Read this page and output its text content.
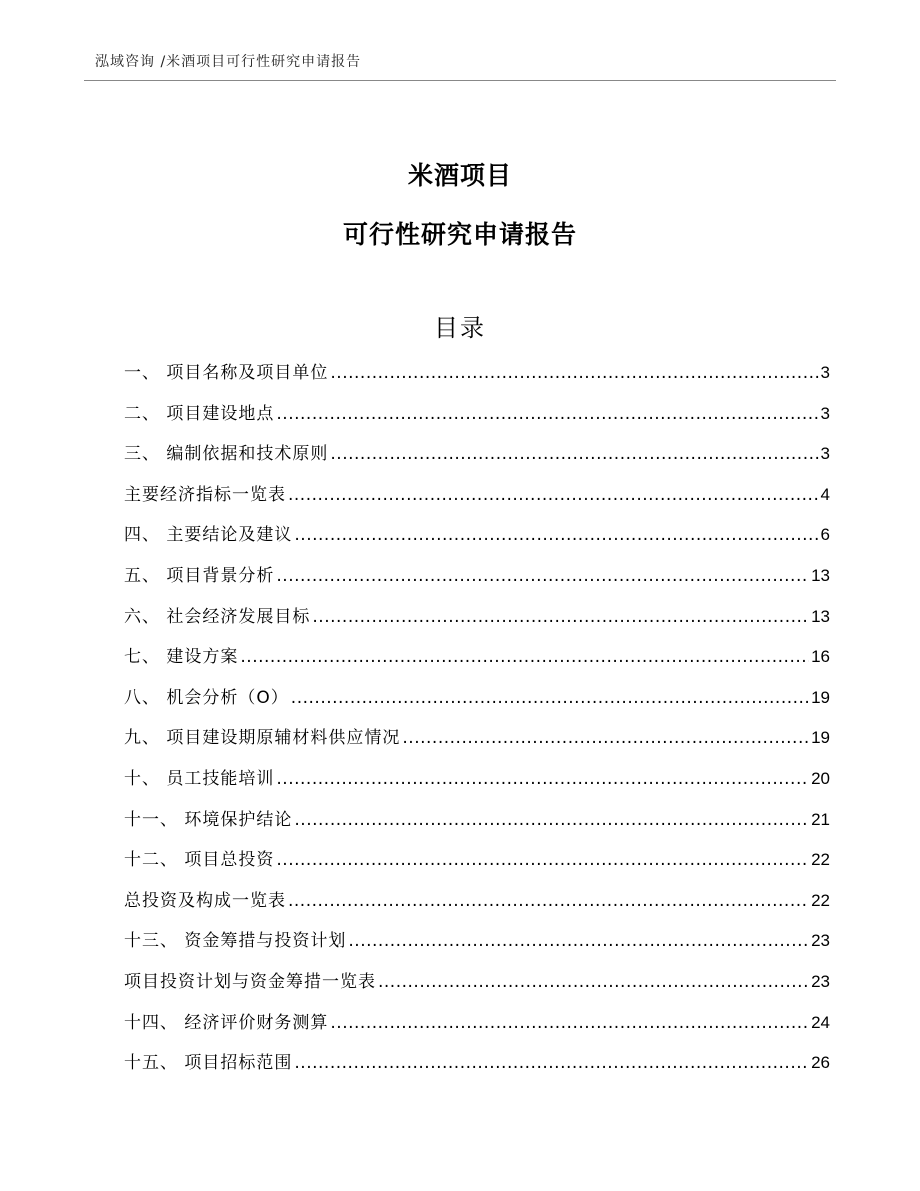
泓域咨询 /米酒项目可行性研究申请报告
米酒项目
可行性研究申请报告
目录
一、 项目名称及项目单位 .....	3
二、 项目建设地点 .....	3
三、 编制依据和技术原则 .....	3
主要经济指标一览表 .....	4
四、 主要结论及建议 .....	6
五、 项目背景分析 .....	13
六、 社会经济发展目标 .....	13
七、 建设方案 .....	16
八、 机会分析（O） .....	19
九、 项目建设期原辅材料供应情况 .....	19
十、 员工技能培训 .....	20
十一、 环境保护结论 .....	21
十二、 项目总投资 .....	22
总投资及构成一览表 .....	22
十三、 资金筹措与投资计划 .....	23
项目投资计划与资金筹措一览表 .....	23
十四、 经济评价财务测算 .....	24
十五、 项目招标范围 .....	26
